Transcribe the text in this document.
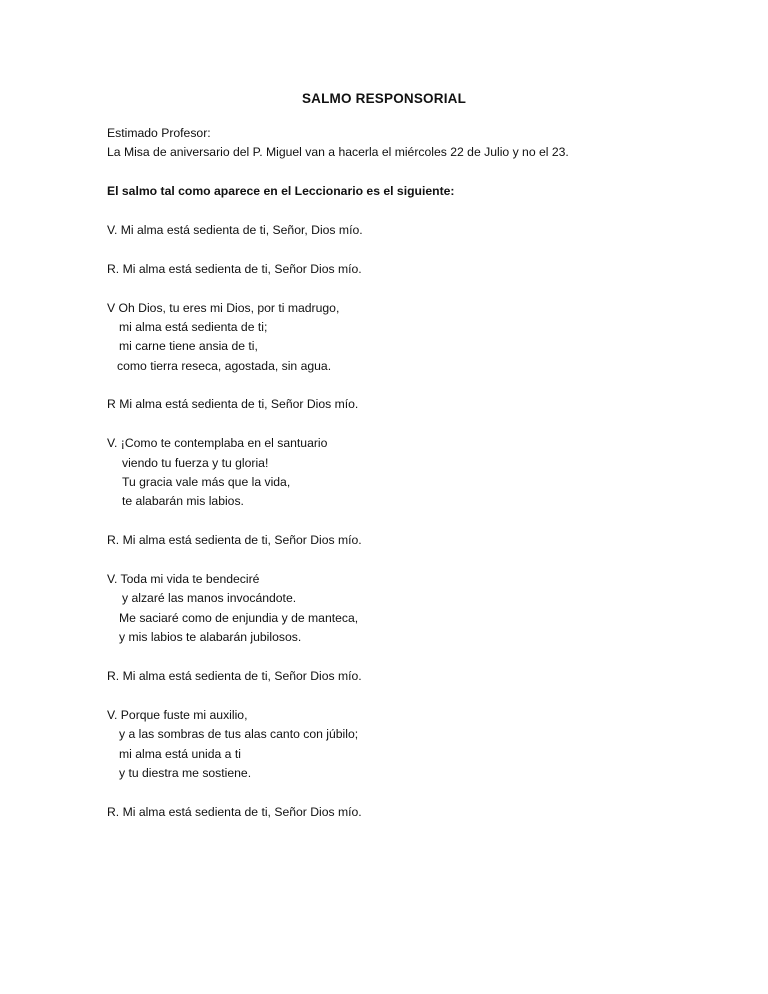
SALMO RESPONSORIAL
Estimado Profesor:
La Misa de aniversario del P. Miguel van a hacerla el miércoles 22 de Julio y no el 23.
El salmo tal como aparece en el Leccionario es el siguiente:
V. Mi alma está sedienta de ti, Señor, Dios mío.
R. Mi alma está sedienta de ti, Señor Dios mío.
V Oh Dios, tu eres mi Dios, por ti madrugo,
mi alma está sedienta de ti;
mi carne tiene ansia de ti,
como tierra reseca, agostada, sin agua.
R Mi alma está sedienta de ti, Señor Dios mío.
V. ¡Como te contemplaba en el santuario
viendo tu fuerza y tu gloria!
Tu gracia vale más que la vida,
te alabarán mis labios.
R. Mi alma está sedienta de ti, Señor Dios mío.
V. Toda mi vida te bendeciré
y alzaré las manos invocándote.
Me saciaré como de enjundia y de manteca,
y mis labios te alabarán jubilosos.
R. Mi alma está sedienta de ti, Señor Dios mío.
V. Porque fuste mi auxilio,
y a las sombras de tus alas canto con júbilo;
mi alma está unida a ti
y tu diestra me sostiene.
R. Mi alma está sedienta de ti, Señor Dios mío.
